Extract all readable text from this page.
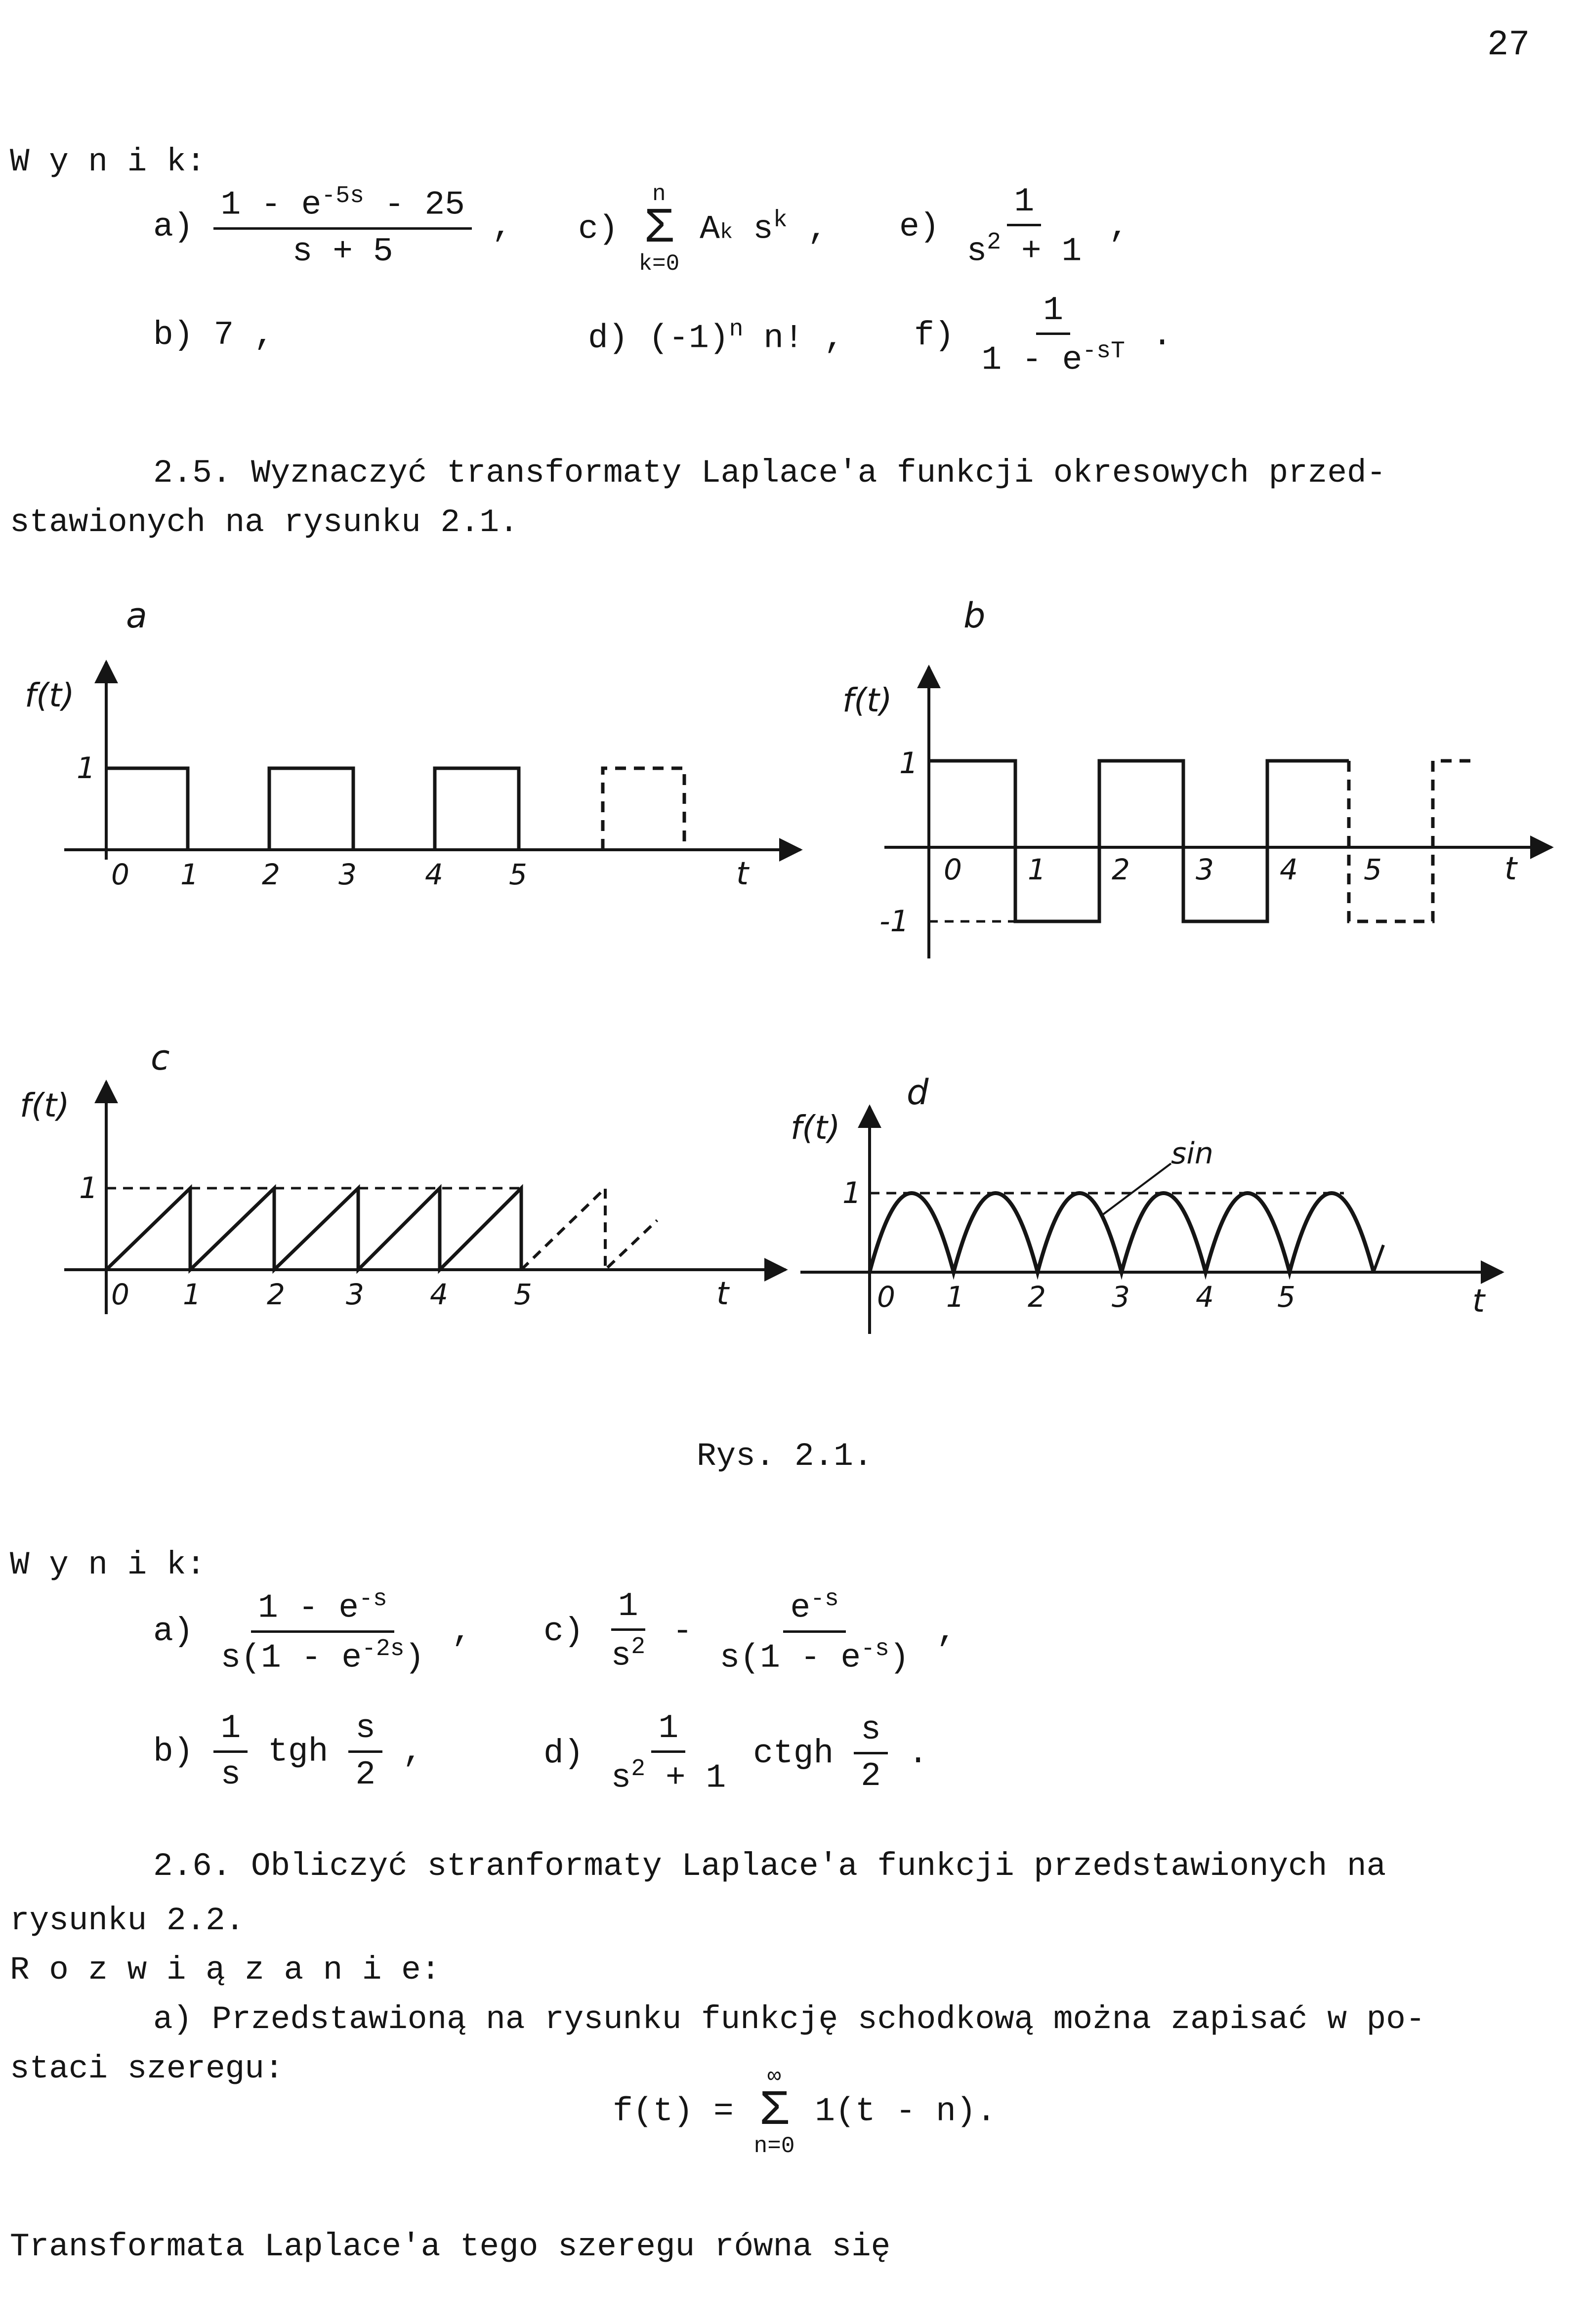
27
W y n i k:
$a) \frac{1 - e^{-5s} - 25}{s + 5}$ , c)
n
Σ
k=0
Ak $s^k$ , $e) \frac{1}{s^2 + 1}$ ,
b) 7 ,	d) $(-1)^n$ n! , $f) \frac{1}{1 - e^{-sT}}$ .
2.5. Wyznaczyć transformaty Laplace'a funkcji okresowych przed-
stawionych na rysunku 2.1.
a
f(t)
1
0 1 2 3 4 5	t
b
f(t)
1
-1
0 1 2 3 4 5	t
c
f(t)
1
0 1 2 3 4 5	t
d
f(t)
sin
1
0 1 2 3 4 5	t
Rys. 2.1.
W y n i k:
$a) \frac{1 - e^{-s}}{s(1 - e^{-2s})}$ , $c) \frac{1}{s^2} - \frac{e^{-s}}{s(1 - e^{-s})}$ ,
$b) \frac{1}{s}$ tgh $\frac{s}{2}$ ,	$d) \frac{1}{s^2 + 1}$ ctgh $\frac{s}{2}$ .
2.6. Obliczyć stranformaty Laplace'a funkcji przedstawionych na
rysunku 2.2.
R o z w i ą z a n i e:
a) Przedstawioną na rysunku funkcję schodkową można zapisać w po-
staci szeregu:
f(t) =
∞
Σ
n=0
1(t - n).
Transformata Laplace'a tego szeregu równa się
